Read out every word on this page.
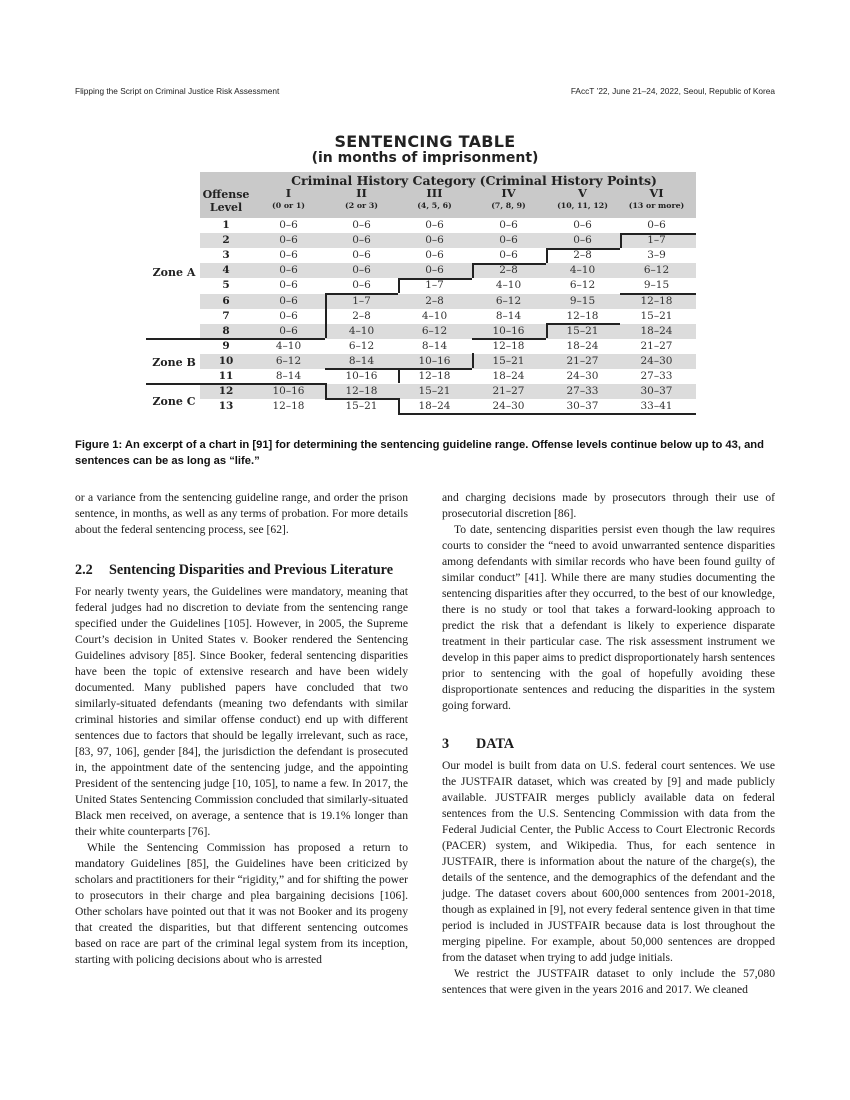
Flipping the Script on Criminal Justice Risk Assessment	FAccT ’22, June 21–24, 2022, Seoul, Republic of Korea
SENTENCING TABLE
(in months of imprisonment)
Criminal History Category (Criminal History Points)
Offense Level
I
(0 or 1)
II
(2 or 3)
III
(4, 5, 6)
IV
(7, 8, 9)
V
(10, 11, 12)
VI
(13 or more)
1	0–6	0–6	0–6	0–6	0–6	0–6
2	0–6	0–6	0–6	0–6	0–6	1–7
3	0–6	0–6	0–6	0–6	2–8	3–9
4	0–6	0–6	0–6	2–8	4–10	6–12
5	0–6	0–6	1–7	4–10	6–12	9–15
6	0–6	1–7	2–8	6–12	9–15	12–18
7	0–6	2–8	4–10	8–14	12–18	15–21
8	0–6	4–10	6–12	10–16	15–21	18–24
9	4–10	6–12	8–14	12–18	18–24	21–27
10	6–12	8–14	10–16	15–21	21–27	24–30
11	8–14	10–16	12–18	18–24	24–30	27–33
12	10–16	12–18	15–21	21–27	27–33	30–37
13	12–18	15–21	18–24	24–30	30–37	33–41
Zone A
Zone B
Zone C
Figure 1: An excerpt of a chart in [91] for determining the sentencing guideline range. Offense levels continue below up to 43, and sentences can be as long as “life.”

or a variance from the sentencing guideline range, and order the prison sentence, in months, as well as any terms of probation. For more details about the federal sentencing process, see [62].

2.2	Sentencing Disparities and Previous Literature

For nearly twenty years, the Guidelines were mandatory, meaning that federal judges had no discretion to deviate from the sentencing range specified under the Guidelines [105]. However, in 2005, the Supreme Court’s decision in United States v. Booker rendered the Sentencing Guidelines advisory [85]. Since Booker, federal sentencing disparities have been the topic of extensive research and have been widely documented. Many published papers have concluded that two similarly-situated defendants (meaning two defendants with similar criminal histories and similar offense conduct) end up with different sentences due to factors that should be legally irrelevant, such as race, [83, 97, 106], gender [84], the jurisdiction the defendant is prosecuted in, the appointment date of the sentencing judge, and the appointing President of the sentencing judge [10, 105], to name a few. In 2017, the United States Sentencing Commission concluded that similarly-situated Black men received, on average, a sentence that is 19.1% longer than their white counterparts [76].

While the Sentencing Commission has proposed a return to mandatory Guidelines [85], the Guidelines have been criticized by scholars and practitioners for their “rigidity,” and for shifting the power to prosecutors in their charge and plea bargaining decisions [106]. Other scholars have pointed out that it was not Booker and its progeny that created the disparities, but that different sentencing outcomes based on race are part of the criminal legal system from its inception, starting with policing decisions about who is arrested

and charging decisions made by prosecutors through their use of prosecutorial discretion [86].

To date, sentencing disparities persist even though the law requires courts to consider the “need to avoid unwarranted sentence disparities among defendants with similar records who have been found guilty of similar conduct” [41]. While there are many studies documenting the sentencing disparities after they occurred, to the best of our knowledge, there is no study or tool that takes a forward-looking approach to predict the risk that a defendant is likely to experience disparate treatment in their particular case. The risk assessment instrument we develop in this paper aims to predict disproportionately harsh sentences prior to sentencing with the goal of hopefully avoiding these disproportionate sentences and reducing the disparities in the system going forward.

3	DATA

Our model is built from data on U.S. federal court sentences. We use the JUSTFAIR dataset, which was created by [9] and made publicly available. JUSTFAIR merges publicly available data on federal sentences from the U.S. Sentencing Commission with data from the Federal Judicial Center, the Public Access to Court Electronic Records (PACER) system, and Wikipedia. Thus, for each sentence in JUSTFAIR, there is information about the nature of the charge(s), the details of the sentence, and the demographics of the defendant and the judge. The dataset covers about 600,000 sentences from 2001-2018, though as explained in [9], not every federal sentence given in that time period is included in JUSTFAIR because data is lost throughout the merging pipeline. For example, about 50,000 sentences are dropped from the dataset when trying to add judge initials.

We restrict the JUSTFAIR dataset to only include the 57,080 sentences that were given in the years 2016 and 2017. We cleaned
